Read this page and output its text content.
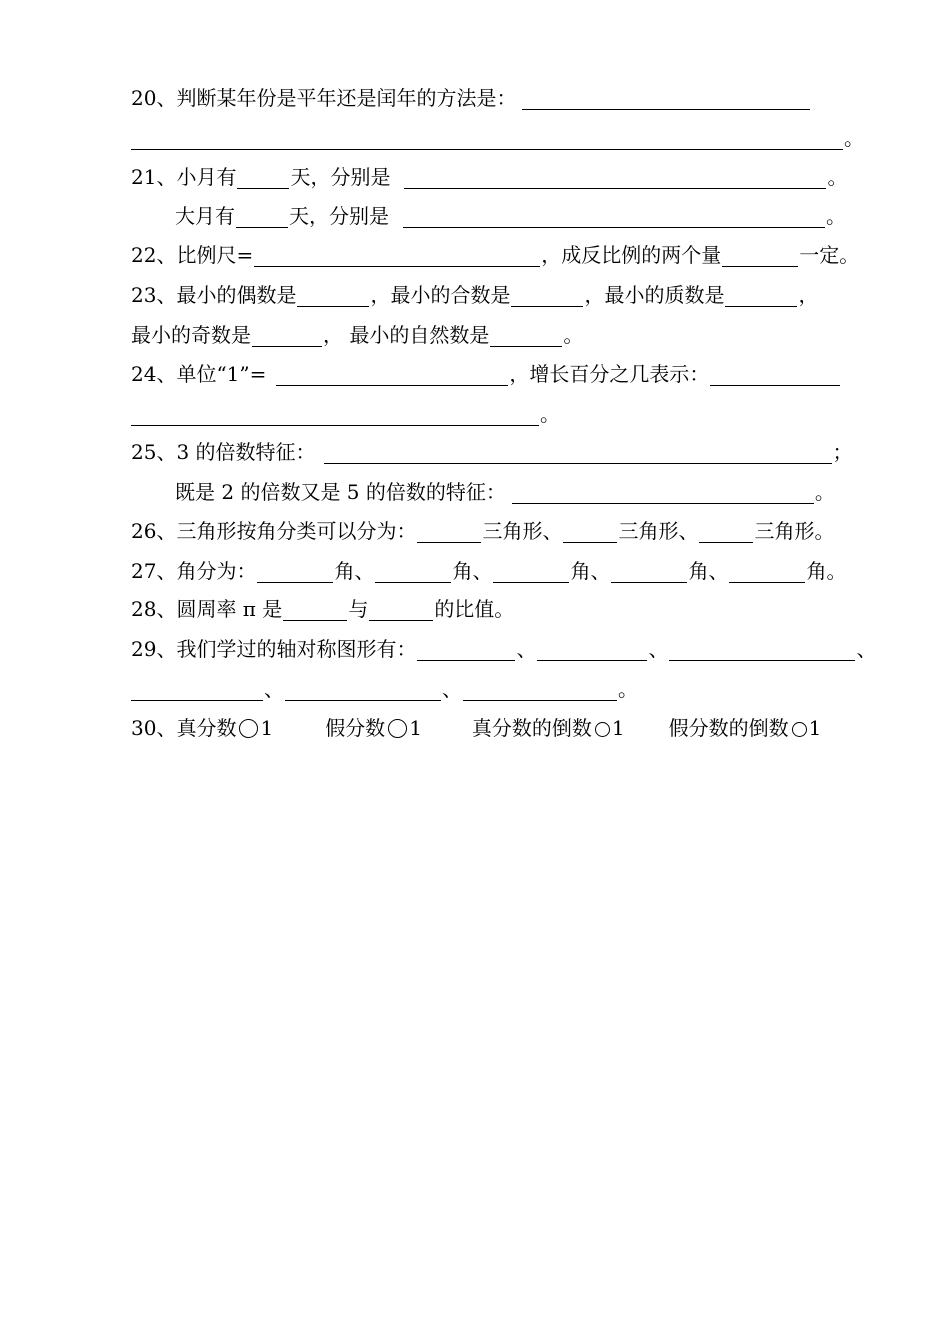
20、判断某年份是平年还是闰年的方法是：
。
21、小月有	天，分别是	。
大月有	天，分别是	。
22、比例尺=	，成反比例的两个量	一定。
23、最小的偶数是	，最小的合数是	，最小的质数是	，
最小的奇数是	， 最小的自然数是	。
24、单位“1”=	，增长百分之几表示：
。
25、3 的倍数特征：	；
既是 2 的倍数又是 5 的倍数的特征：	。
26、三角形按角分类可以分为：	三角形、	三角形、	三角形。
27、角分为：	角、	角、	角、	角、	角。
28、圆周率 π 是	与	的比值。
29、我们学过的轴对称图形有：	、	、	、
、	、	。
30、真分数 1	假分数 1	真分数的倒数 1 假分数的倒数 1
